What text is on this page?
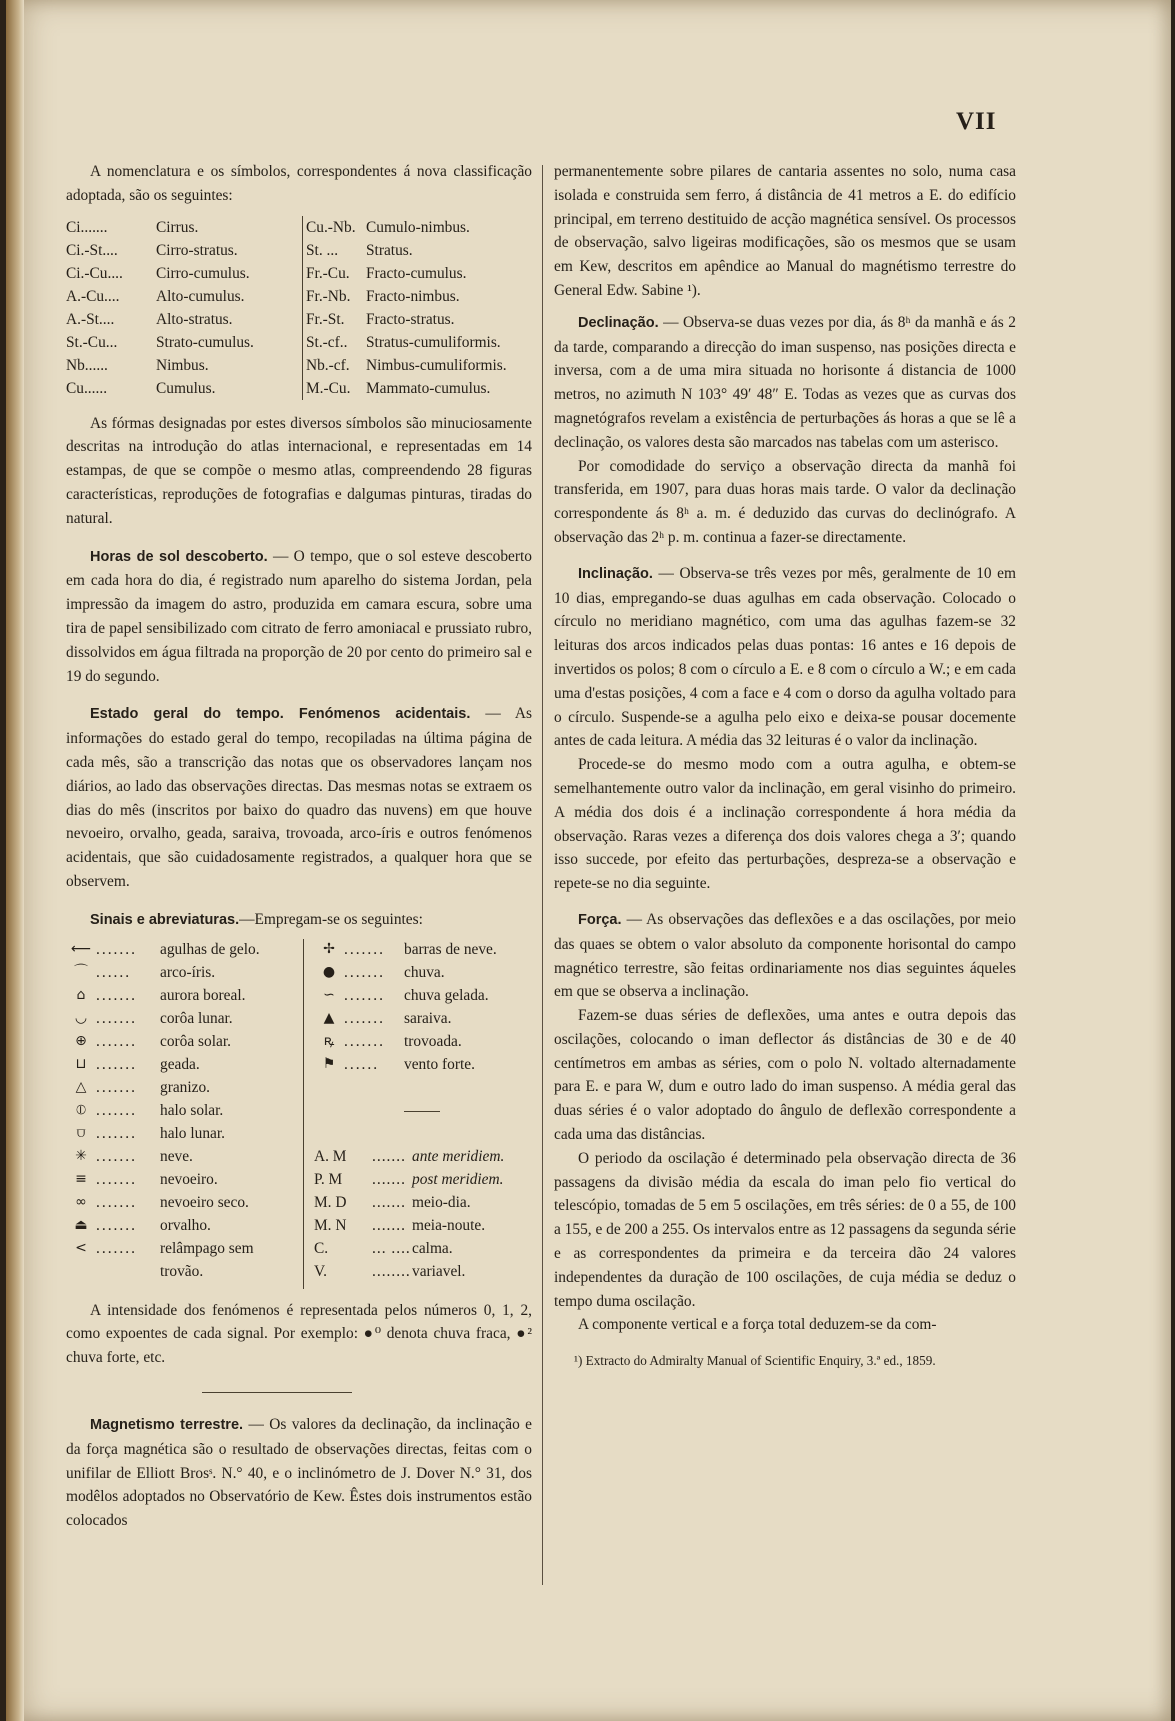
VII

A nomenclatura e os símbolos, correspondentes á nova classificação adoptada, são os seguintes:

Ci.......	Cirrus.
Ci.-St....	Cirro-stratus.
Ci.-Cu....	Cirro-cumulus.
A.-Cu....	Alto-cumulus.
A.-St....	Alto-stratus.
St.-Cu...	Strato-cumulus.
Nb......	Nimbus.
Cu......	Cumulus.
Cu.-Nb. Cumulo-nimbus.
St. ...	Stratus.
Fr.-Cu.	Fracto-cumulus.
Fr.-Nb.	Fracto-nimbus.
Fr.-St.	Fracto-stratus.
St.-cf..	Stratus-cumuliformis.
Nb.-cf.	Nimbus-cumuliformis.
M.-Cu.	Mammato-cumulus.

As fórmas designadas por estes diversos símbolos são minuciosamente descritas na introdução do atlas internacional, e representadas em 14 estampas, de que se compõe o mesmo atlas, compreendendo 28 figuras características, reproduções de fotografias e dalgumas pinturas, tiradas do natural.

Horas de sol descoberto. — O tempo, que o sol esteve descoberto em cada hora do dia, é registrado num aparelho do sistema Jordan, pela impressão da imagem do astro, produzida em camara escura, sobre uma tira de papel sensibilizado com citrato de ferro amoniacal e prussiato rubro, dissolvidos em água filtrada na proporção de 20 por cento do primeiro sal e 19 do segundo.

Estado geral do tempo. Fenómenos acidentais. — As informações do estado geral do tempo, recopiladas na última página de cada mês, são a transcrição das notas que os observadores lançam nos diários, ao lado das observações directas. Das mesmas notas se extraem os dias do mês (inscritos por baixo do quadro das nuvens) em que houve nevoeiro, orvalho, geada, saraiva, trovoada, arco-íris e outros fenómenos acidentais, que são cuidadosamente registrados, a qualquer hora que se observem.

Sinais e abreviaturas.—Empregam-se os seguintes:

⟵ .......	agulhas de gelo.
⌒ ......	arco-íris.
⌂ .......	aurora boreal.
◡ .......	corôa lunar.
⊕ .......	corôa solar.
⊔ .......	geada.
△ .......	granizo.
⦶ .......	halo solar.
⩌ .......	halo lunar.
✳ .......	neve.
≡ .......	nevoeiro.
∞ .......	nevoeiro seco.
⏏ .......	orvalho.
< .......	relâmpago sem
trovão.
✢ .......	barras de neve.
● .......	chuva.
∽ .......	chuva gelada.
▲ .......	saraiva.
ꝶ .......	trovoada.
⚑ ......	vento forte.
A. M	....... ante meridiem.
P. M	....... post meridiem.
M. D	....... meio-dia.
M. N	....... meia-noute.
C.	... .... calma.
V.	........ variavel.

A intensidade dos fenómenos é representada pelos números 0, 1, 2, como expoentes de cada signal. Por exemplo: ●⁰ denota chuva fraca, ●² chuva forte, etc.

Magnetismo terrestre. — Os valores da declinação, da inclinação e da força magnética são o resultado de observações directas, feitas com o unifilar de Elliott Brosˢ. N.° 40, e o inclinómetro de J. Dover N.° 31, dos modêlos adoptados no Observatório de Kew. Êstes dois instrumentos estão colocados

permanentemente sobre pilares de cantaria assentes no solo, numa casa isolada e construida sem ferro, á distância de 41 metros a E. do edifício principal, em terreno destituido de acção magnética sensível. Os processos de observação, salvo ligeiras modificações, são os mesmos que se usam em Kew, descritos em apêndice ao Manual do magnétismo terrestre do General Edw. Sabine ¹).

Declinação. — Observa-se duas vezes por dia, ás 8ʰ da manhã e ás 2 da tarde, comparando a direcção do iman suspenso, nas posições directa e inversa, com a de uma mira situada no horisonte á distancia de 1000 metros, no azimuth N 103° 49′ 48″ E. Todas as vezes que as curvas dos magnetógrafos revelam a existência de perturbações ás horas a que se lê a declinação, os valores desta são marcados nas tabelas com um asterisco.

Por comodidade do serviço a observação directa da manhã foi transferida, em 1907, para duas horas mais tarde. O valor da declinação correspondente ás 8ʰ a. m. é deduzido das curvas do declinógrafo. A observação das 2ʰ p. m. continua a fazer-se directamente.

Inclinação. — Observa-se três vezes por mês, geralmente de 10 em 10 dias, empregando-se duas agulhas em cada observação. Colocado o círculo no meridiano magnético, com uma das agulhas fazem-se 32 leituras dos arcos indicados pelas duas pontas: 16 antes e 16 depois de invertidos os polos; 8 com o círculo a E. e 8 com o círculo a W.; e em cada uma d'estas posições, 4 com a face e 4 com o dorso da agulha voltado para o círculo. Suspende-se a agulha pelo eixo e deixa-se pousar docemente antes de cada leitura. A média das 32 leituras é o valor da inclinação.

Procede-se do mesmo modo com a outra agulha, e obtem-se semelhantemente outro valor da inclinação, em geral visinho do primeiro. A média dos dois é a inclinação correspondente á hora média da observação. Raras vezes a diferença dos dois valores chega a 3′; quando isso succede, por efeito das perturbações, despreza-se a observação e repete-se no dia seguinte.

Força. — As observações das deflexões e a das oscilações, por meio das quaes se obtem o valor absoluto da componente horisontal do campo magnético terrestre, são feitas ordinariamente nos dias seguintes áqueles em que se observa a inclinação.

Fazem-se duas séries de deflexões, uma antes e outra depois das oscilações, colocando o iman deflector ás distâncias de 30 e de 40 centímetros em ambas as séries, com o polo N. voltado alternadamente para E. e para W, dum e outro lado do iman suspenso. A média geral das duas séries é o valor adoptado do ângulo de deflexão correspondente a cada uma das distâncias.

O periodo da oscilação é determinado pela observação directa de 36 passagens da divisão média da escala do iman pelo fio vertical do telescópio, tomadas de 5 em 5 oscilações, em três séries: de 0 a 55, de 100 a 155, e de 200 a 255. Os intervalos entre as 12 passagens da segunda série e as correspondentes da primeira e da terceira dão 24 valores independentes da duração de 100 oscilações, de cuja média se deduz o tempo duma oscilação.

A componente vertical e a força total deduzem-se da com-

¹) Extracto do Admiralty Manual of Scientific Enquiry, 3.ª ed., 1859.
